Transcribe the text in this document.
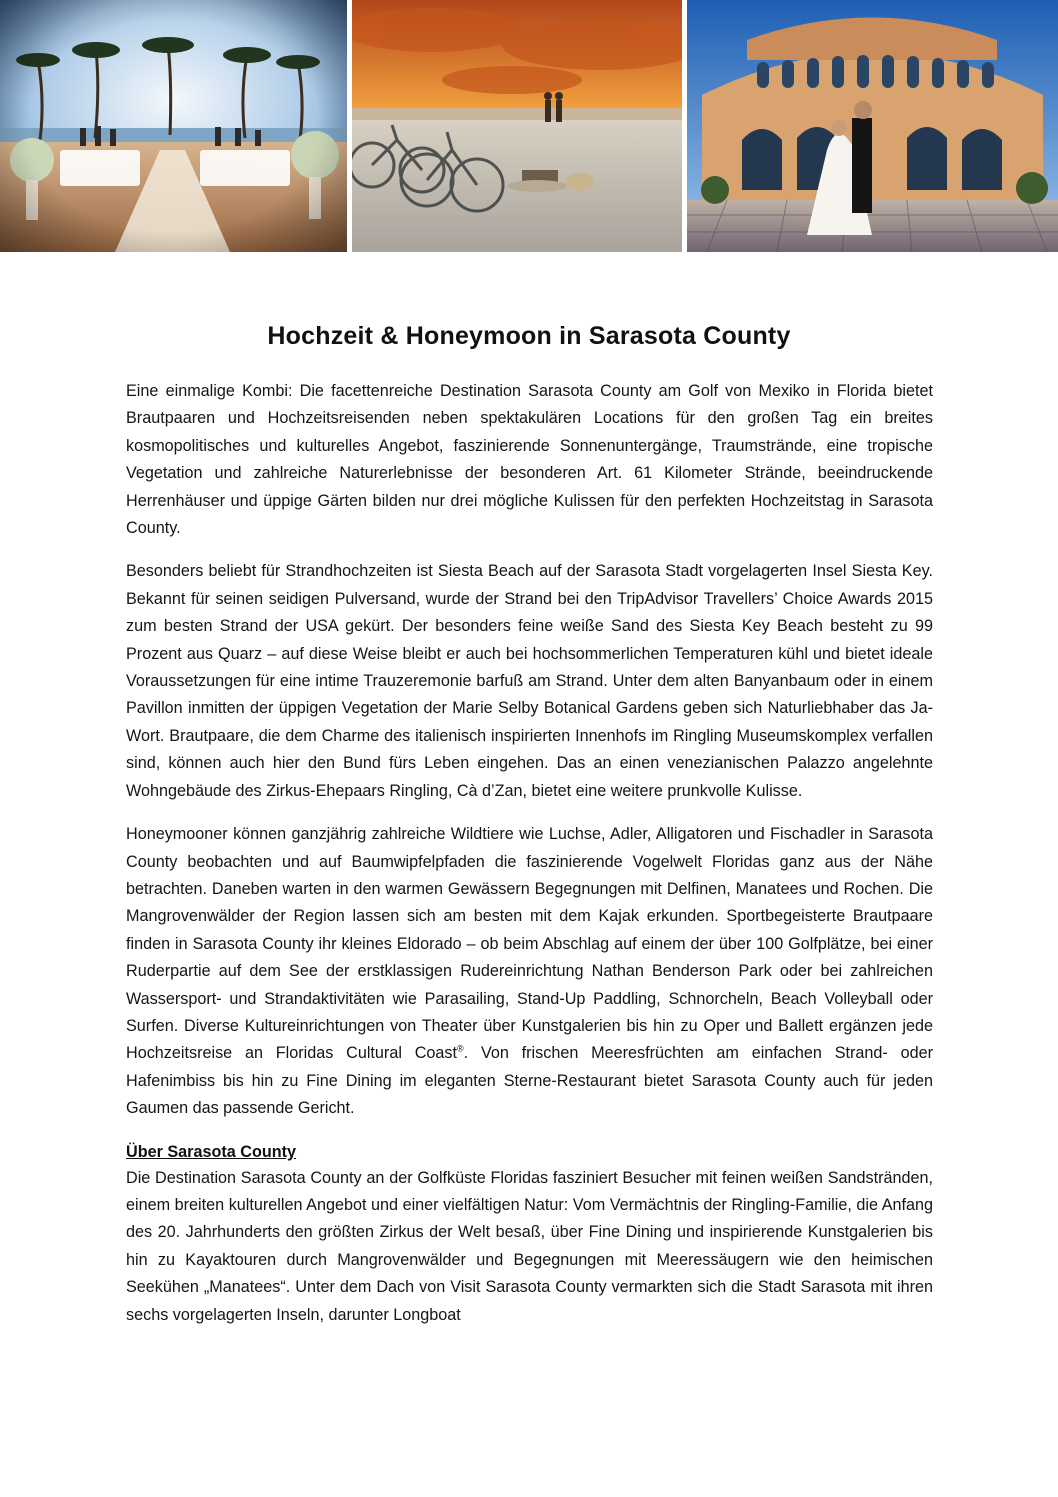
Hochzeit & Honeymoon in Sarasota County

Eine einmalige Kombi: Die facettenreiche Destination Sarasota County am Golf von Mexiko in Florida bietet Brautpaaren und Hochzeitsreisenden neben spektakulären Locations für den großen Tag ein breites kosmopolitisches und kulturelles Angebot, faszinierende Sonnenuntergänge, Traumstrände, eine tropische Vegetation und zahlreiche Naturerlebnisse der besonderen Art. 61 Kilometer Strände, beeindruckende Herrenhäuser und üppige Gärten bilden nur drei mögliche Kulissen für den perfekten Hochzeitstag in Sarasota County.

Besonders beliebt für Strandhochzeiten ist Siesta Beach auf der Sarasota Stadt vorgelagerten Insel Siesta Key. Bekannt für seinen seidigen Pulversand, wurde der Strand bei den TripAdvisor Travellers’ Choice Awards 2015 zum besten Strand der USA gekürt. Der besonders feine weiße Sand des Siesta Key Beach besteht zu 99 Prozent aus Quarz – auf diese Weise bleibt er auch bei hochsommerlichen Temperaturen kühl und bietet ideale Voraussetzungen für eine intime Trauzeremonie barfuß am Strand. Unter dem alten Banyanbaum oder in einem Pavillon inmitten der üppigen Vegetation der Marie Selby Botanical Gardens geben sich Naturliebhaber das Ja-Wort. Brautpaare, die dem Charme des italienisch inspirierten Innenhofs im Ringling Museumskomplex verfallen sind, können auch hier den Bund fürs Leben eingehen. Das an einen venezianischen Palazzo angelehnte Wohngebäude des Zirkus-Ehepaars Ringling, Cà d’Zan, bietet eine weitere prunkvolle Kulisse.

Honeymooner können ganzjährig zahlreiche Wildtiere wie Luchse, Adler, Alligatoren und Fischadler in Sarasota County beobachten und auf Baumwipfelpfaden die faszinierende Vogelwelt Floridas ganz aus der Nähe betrachten. Daneben warten in den warmen Gewässern Begegnungen mit Delfinen, Manatees und Rochen. Die Mangrovenwälder der Region lassen sich am besten mit dem Kajak erkunden. Sportbegeisterte Brautpaare finden in Sarasota County ihr kleines Eldorado – ob beim Abschlag auf einem der über 100 Golfplätze, bei einer Ruderpartie auf dem See der erstklassigen Rudereinrichtung Nathan Benderson Park oder bei zahlreichen Wassersport- und Strandaktivitäten wie Parasailing, Stand-Up Paddling, Schnorcheln, Beach Volleyball oder Surfen. Diverse Kultureinrichtungen von Theater über Kunstgalerien bis hin zu Oper und Ballett ergänzen jede Hochzeitsreise an Floridas Cultural Coast®. Von frischen Meeresfrüchten am einfachen Strand- oder Hafenimbiss bis hin zu Fine Dining im eleganten Sterne-Restaurant bietet Sarasota County auch für jeden Gaumen das passende Gericht.

Über Sarasota County

Die Destination Sarasota County an der Golfküste Floridas fasziniert Besucher mit feinen weißen Sandstränden, einem breiten kulturellen Angebot und einer vielfältigen Natur: Vom Vermächtnis der Ringling-Familie, die Anfang des 20. Jahrhunderts den größten Zirkus der Welt besaß, über Fine Dining und inspirierende Kunstgalerien bis hin zu Kayaktouren durch Mangrovenwälder und Begegnungen mit Meeressäugern wie den heimischen Seekühen „Manatees“. Unter dem Dach von Visit Sarasota County vermarkten sich die Stadt Sarasota mit ihren sechs vorgelagerten Inseln, darunter Longboat
